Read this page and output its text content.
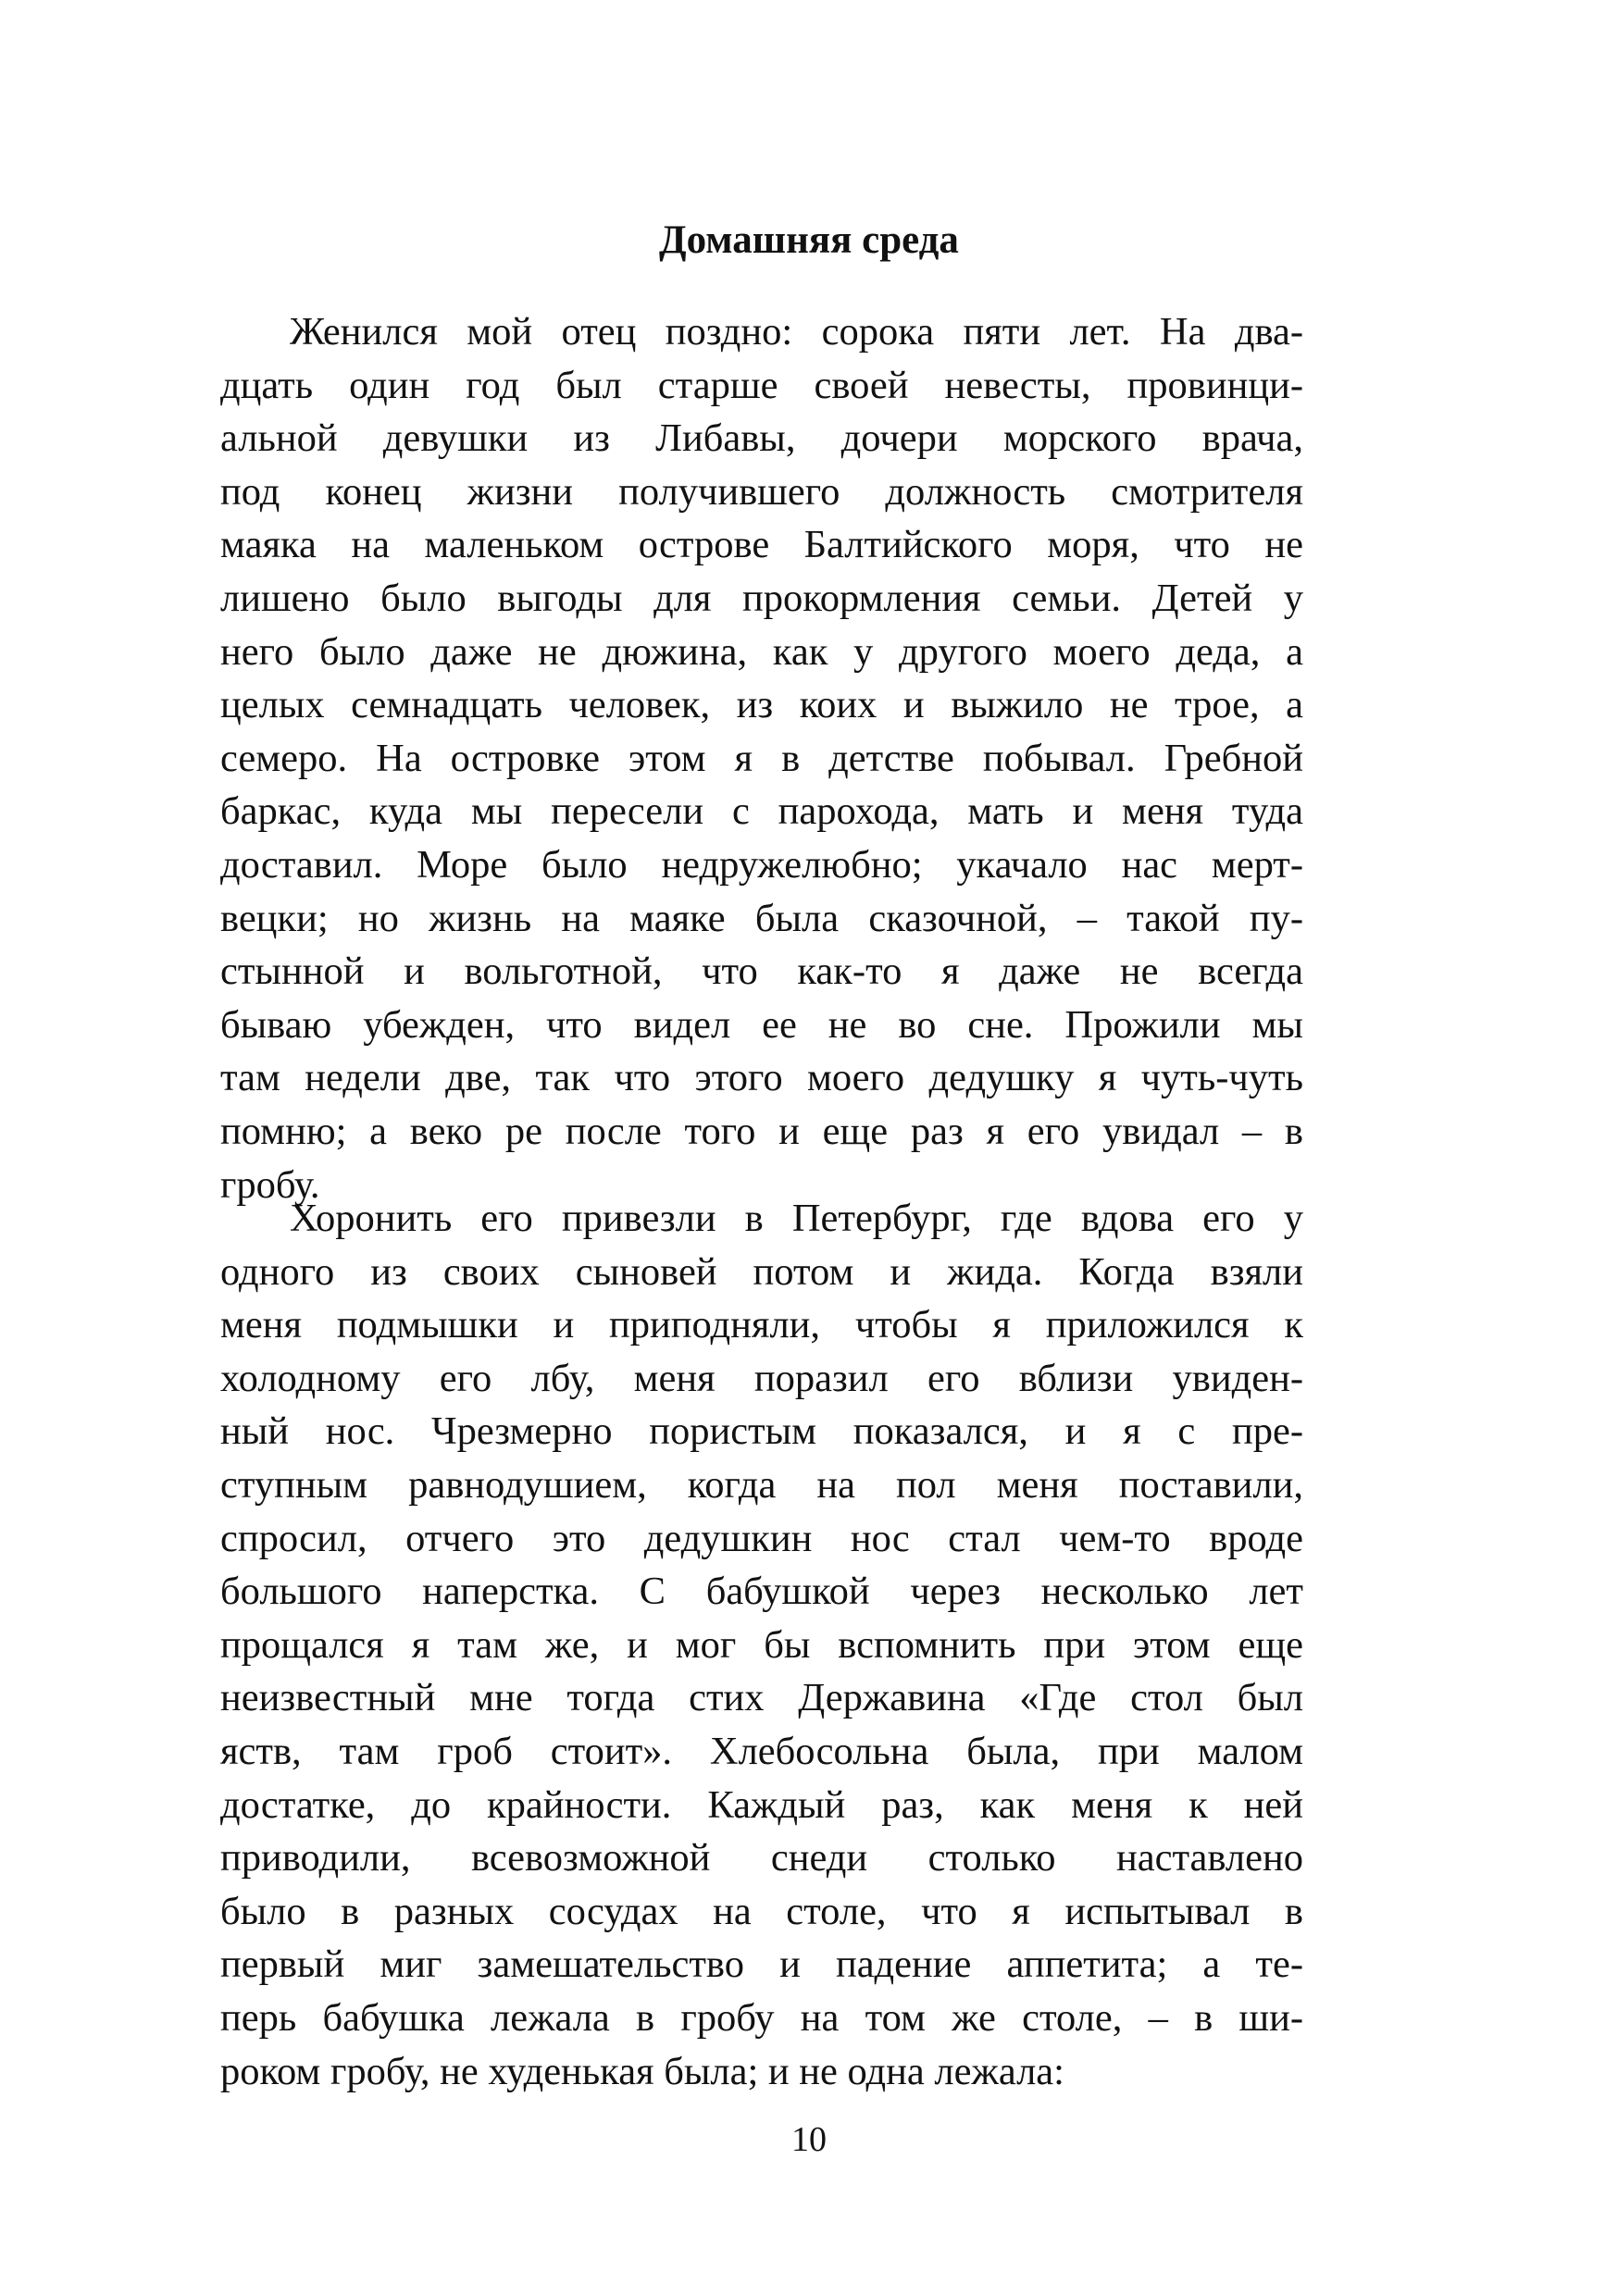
Домашняя среда
Женился мой отец поздно: сорока пяти лет. На два-
дцать один год был старше своей невесты, провинци-
альной девушки из Либавы, дочери морского врача,
под конец жизни получившего должность смотрителя
маяка на маленьком острове Балтийского моря, что не
лишено было выгоды для прокормления семьи. Детей у
него было даже не дюжина, как у другого моего деда, а
целых семнадцать человек, из коих и выжило не трое, а
семеро. На островке этом я в детстве побывал. Гребной
баркас, куда мы пересели с парохода, мать и меня туда
доставил. Море было недружелюбно; укачало нас мерт-
вецки; но жизнь на маяке была сказочной, – такой пу-
стынной и вольготной, что как-то я даже не всегда
бываю убежден, что видел ее не во сне. Прожили мы
там недели две, так что этого моего дедушку я чуть-чуть
помню; а веко ре после того и еще раз я его увидал – в
гробу.
Хоронить его привезли в Петербург, где вдова его у
одного из своих сыновей потом и жида. Когда взяли
меня подмышки и приподняли, чтобы я приложился к
холодному его лбу, меня поразил его вблизи увиден-
ный нос. Чрезмерно пористым показался, и я с пре-
ступным равнодушием, когда на пол меня поставили,
спросил, отчего это дедушкин нос стал чем-то вроде
большого наперстка. С бабушкой через несколько лет
прощался я там же, и мог бы вспомнить при этом еще
неизвестный мне тогда стих Державина «Где стол был
яств, там гроб стоит». Хлебосольна была, при малом
достатке, до крайности. Каждый раз, как меня к ней
приводили, всевозможной снеди столько наставлено
было в разных сосудах на столе, что я испытывал в
первый миг замешательство и падение аппетита; а те-
перь бабушка лежала в гробу на том же столе, – в ши-
роком гробу, не худенькая была; и не одна лежала:
10
